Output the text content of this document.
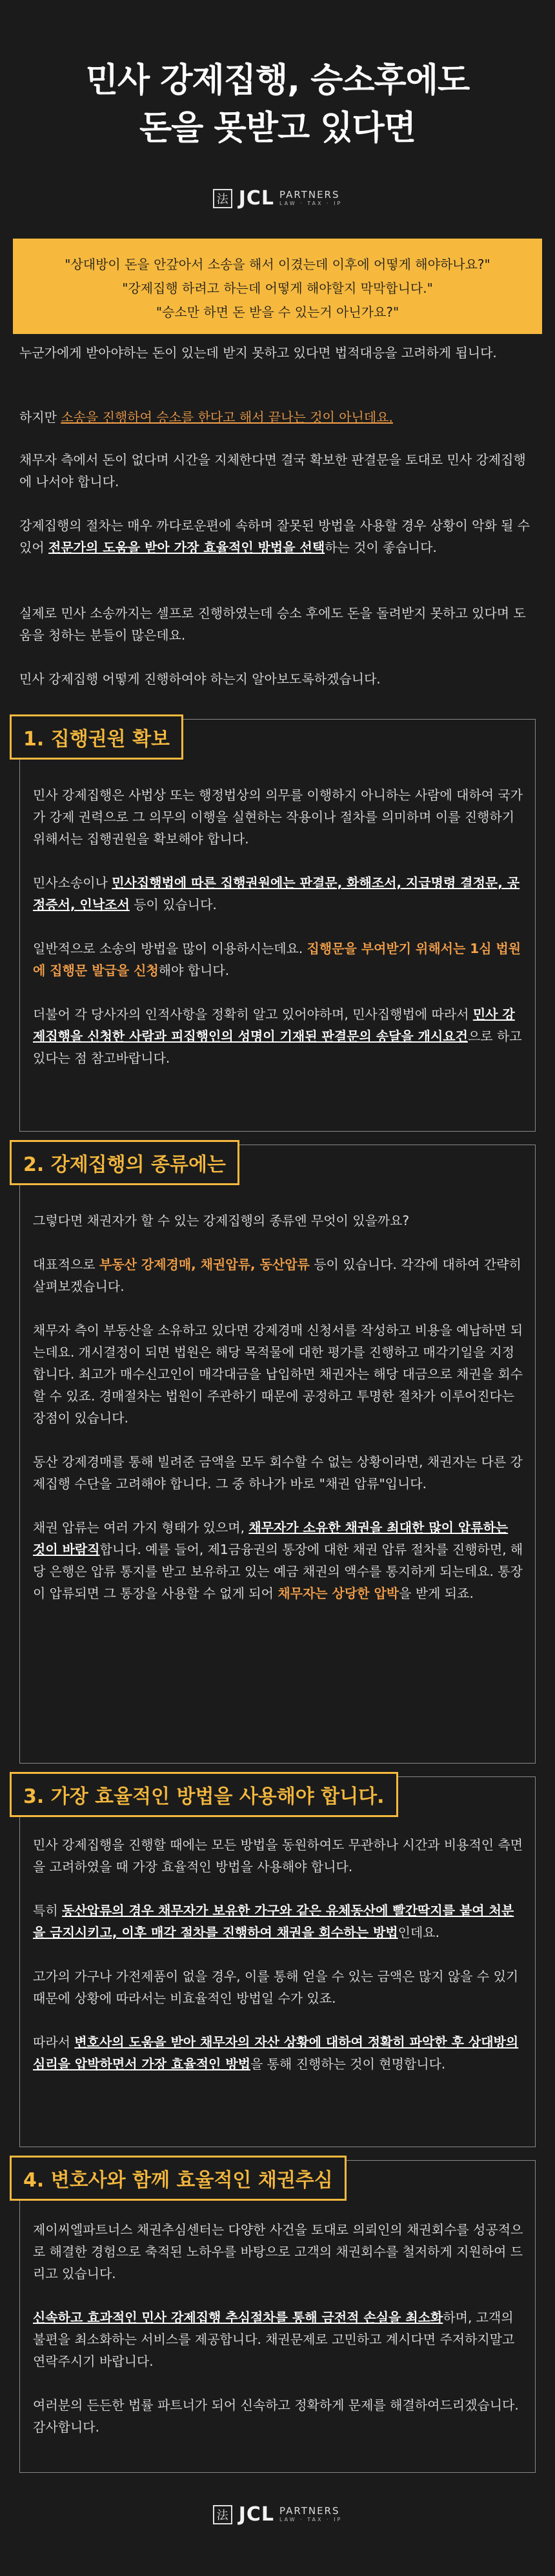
민사 강제집행, 승소후에도
돈을 못받고 있다면
法 JCL PARTNERS
LAW · TAX · IP
"상대방이 돈을 안갚아서 소송을 해서 이겼는데 이후에 어떻게 해야하나요?"
"강제집행 하려고 하는데 어떻게 해야할지 막막합니다."
"승소만 하면 돈 받을 수 있는거 아닌가요?"
누군가에게 받아야하는 돈이 있는데 받지 못하고 있다면 법적대응을 고려하게 됩니다.
하지만 소송을 진행하여 승소를 한다고 해서 끝나는 것이 아닌데요.
채무자 측에서 돈이 없다며 시간을 지체한다면 결국 확보한 판결문을 토대로 민사 강제집행에 나서야 합니다.
강제집행의 절차는 매우 까다로운편에 속하며 잘못된 방법을 사용할 경우 상황이 악화 될 수 있어 전문가의 도움을 받아 가장 효율적인 방법을 선택하는 것이 좋습니다.
실제로 민사 소송까지는 셀프로 진행하였는데 승소 후에도 돈을 돌려받지 못하고 있다며 도움을 청하는 분들이 많은데요.
민사 강제집행 어떻게 진행하여야 하는지 알아보도록하겠습니다.
1. 집행권원 확보

민사 강제집행은 사법상 또는 행정법상의 의무를 이행하지 아니하는 사람에 대하여 국가가 강제 권력으로 그 의무의 이행을 실현하는 작용이나 절차를 의미하며 이를 진행하기 위해서는 집행권원을 확보해야 합니다.

민사소송이나 민사집행법에 따른 집행권원에는 판결문, 화해조서, 지급명령 결정문, 공정증서, 인낙조서 등이 있습니다.

일반적으로 소송의 방법을 많이 이용하시는데요. 집행문을 부여받기 위해서는 1심 법원에 집행문 발급을 신청해야 합니다.

더불어 각 당사자의 인적사항을 정확히 알고 있어야하며, 민사집행법에 따라서 민사 강제집행을 신청한 사람과 피집행인의 성명이 기재된 판결문의 송달을 개시요건으로 하고 있다는 점 참고바랍니다.

2. 강제집행의 종류에는

그렇다면 채권자가 할 수 있는 강제집행의 종류엔 무엇이 있을까요?

대표적으로 부동산 강제경매, 채권압류, 동산압류 등이 있습니다. 각각에 대하여 간략히 살펴보겠습니다.

채무자 측이 부동산을 소유하고 있다면 강제경매 신청서를 작성하고 비용을 예납하면 되는데요. 개시결정이 되면 법원은 해당 목적물에 대한 평가를 진행하고 매각기일을 지정합니다. 최고가 매수신고인이 매각대금을 납입하면 채권자는 해당 대금으로 채권을 회수할 수 있죠. 경매절차는 법원이 주관하기 때문에 공정하고 투명한 절차가 이루어진다는 장점이 있습니다.

동산 강제경매를 통해 빌려준 금액을 모두 회수할 수 없는 상황이라면, 채권자는 다른 강제집행 수단을 고려해야 합니다. 그 중 하나가 바로 "채권 압류"입니다.

채권 압류는 여러 가지 형태가 있으며, 채무자가 소유한 채권을 최대한 많이 압류하는 것이 바람직합니다. 예를 들어, 제1금융권의 통장에 대한 채권 압류 절차를 진행하면, 해당 은행은 압류 통지를 받고 보유하고 있는 예금 채권의 액수를 통지하게 되는데요. 통장이 압류되면 그 통장을 사용할 수 없게 되어 채무자는 상당한 압박을 받게 되죠.

3. 가장 효율적인 방법을 사용해야 합니다.

민사 강제집행을 진행할 때에는 모든 방법을 동원하여도 무관하나 시간과 비용적인 측면을 고려하였을 때 가장 효율적인 방법을 사용해야 합니다.

특히 동산압류의 경우 채무자가 보유한 가구와 같은 유체동산에 빨간딱지를 붙여 처분을 금지시키고, 이후 매각 절차를 진행하여 채권을 회수하는 방법인데요.

고가의 가구나 가전제품이 없을 경우, 이를 통해 얻을 수 있는 금액은 많지 않을 수 있기 때문에 상황에 따라서는 비효율적인 방법일 수가 있죠.

따라서 변호사의 도움을 받아 채무자의 자산 상황에 대하여 정확히 파악한 후 상대방의 심리을 압박하면서 가장 효율적인 방법을 통해 진행하는 것이 현명합니다.

4. 변호사와 함께 효율적인 채권추심

제이씨엘파트너스 채권추심센터는 다양한 사건을 토대로 의뢰인의 채권회수를 성공적으로 해결한 경험으로 축적된 노하우를 바탕으로 고객의 채권회수를 철저하게 지원하여 드리고 있습니다.

신속하고 효과적인 민사 강제집행 추심절차를 통해 금전적 손실을 최소화하며, 고객의 불편을 최소화하는 서비스를 제공합니다. 채권문제로 고민하고 계시다면 주저하지말고 연락주시기 바랍니다.

여러분의 든든한 법률 파트너가 되어 신속하고 정확하게 문제를 해결하여드리겠습니다. 감사합니다.

法 JCL PARTNERS
LAW · TAX · IP
